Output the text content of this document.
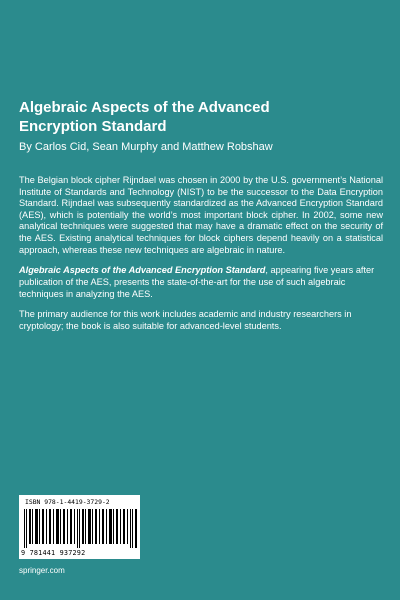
Algebraic Aspects of the Advanced
Encryption Standard
By Carlos Cid, Sean Murphy and Matthew Robshaw

The Belgian block cipher Rijndael was chosen in 2000 by the U.S. government’s National Institute of Standards and Technology (NIST) to be the successor to the Data Encryption Standard. Rijndael was subsequently standardized as the Advanced Encryption Standard (AES), which is potentially the world’s most important block cipher. In 2002, some new analytical techniques were suggested that may have a dramatic effect on the security of the AES. Existing analytical techniques for block ciphers depend heavily on a statistical approach, whereas these new techniques are algebraic in nature.

Algebraic Aspects of the Advanced Encryption Standard, appearing five years after publication of the AES, presents the state-of-the-art for the use of such algebraic techniques in analyzing the AES.

The primary audience for this work includes academic and industry researchers in cryptology; the book is also suitable for advanced-level students.

ISBN 978-1-4419-3729-2
9 781441 937292
springer.com
